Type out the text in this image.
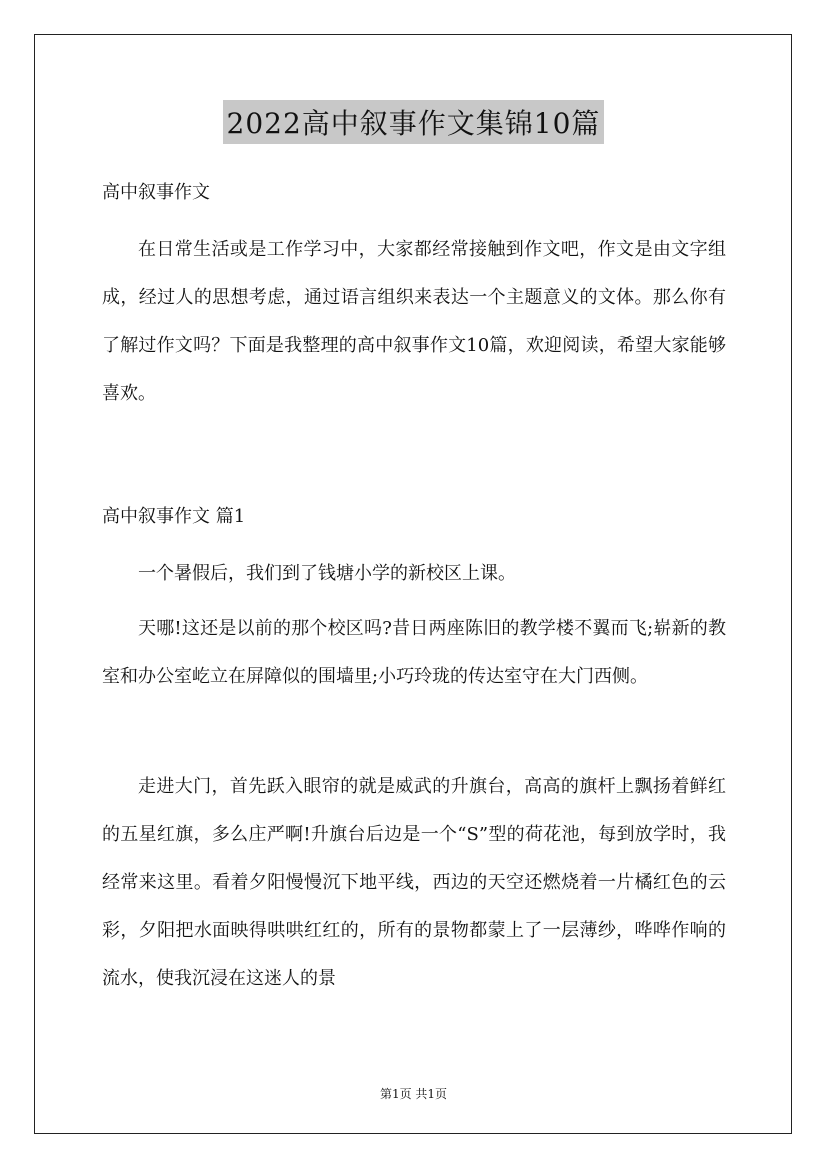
2022高中叙事作文集锦10篇
高中叙事作文
在日常生活或是工作学习中，大家都经常接触到作文吧，作文是由文字组成，经过人的思想考虑，通过语言组织来表达一个主题意义的文体。那么你有了解过作文吗？下面是我整理的高中叙事作文10篇，欢迎阅读，希望大家能够喜欢。
高中叙事作文 篇1
一个暑假后，我们到了钱塘小学的新校区上课。
天哪!这还是以前的那个校区吗?昔日两座陈旧的教学楼不翼而飞;崭新的教室和办公室屹立在屏障似的围墙里;小巧玲珑的传达室守在大门西侧。
走进大门，首先跃入眼帘的就是威武的升旗台，高高的旗杆上飘扬着鲜红的五星红旗，多么庄严啊!升旗台后边是一个“S”型的荷花池，每到放学时，我经常来这里。看着夕阳慢慢沉下地平线，西边的天空还燃烧着一片橘红色的云彩，夕阳把水面映得哄哄红红的，所有的景物都蒙上了一层薄纱，哗哗作响的流水，使我沉浸在这迷人的景
第1页 共1页
